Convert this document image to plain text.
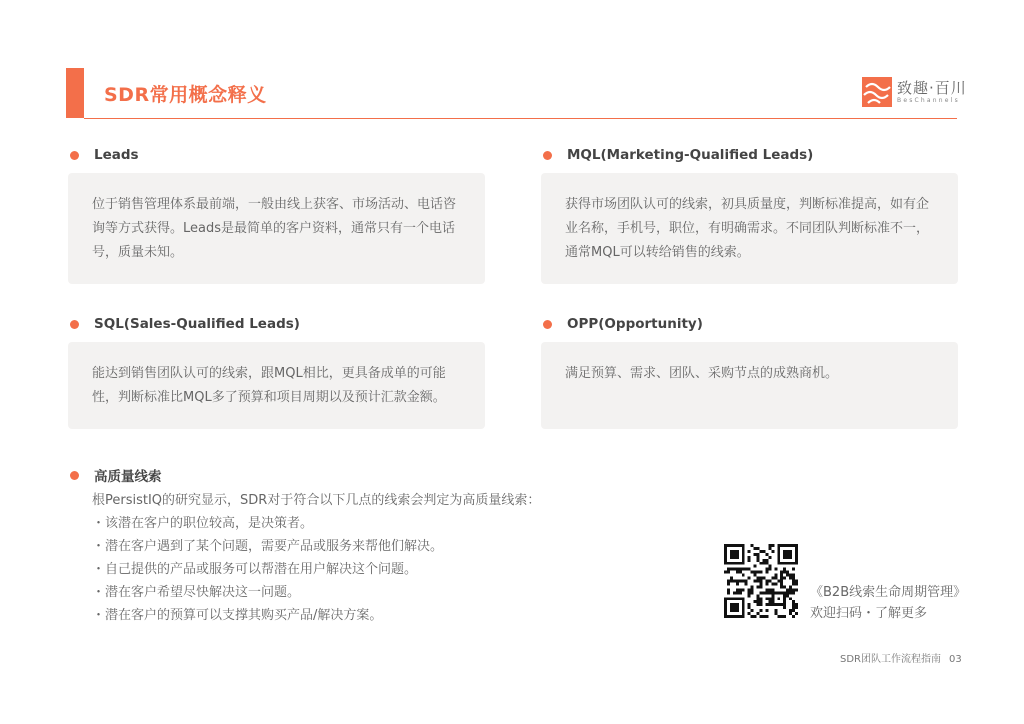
SDR常用概念释义	致趣·百川
BesChannels
Leads

位于销售管理体系最前端，一般由线上获客、市场活动、电话咨询等方式获得。Leads是最简单的客户资料，通常只有一个电话号，质量未知。

MQL(Marketing-Qualified Leads)

获得市场团队认可的线索，初具质量度，判断标准提高，如有企业名称，手机号，职位，有明确需求。不同团队判断标准不一，通常MQL可以转给销售的线索。

SQL(Sales-Qualified Leads)

能达到销售团队认可的线索，跟MQL相比，更具备成单的可能性，判断标准比MQL多了预算和项目周期以及预计汇款金额。

OPP(Opportunity)

满足预算、需求、团队、采购节点的成熟商机。

高质量线索
根PersistIQ的研究显示，SDR对于符合以下几点的线索会判定为高质量线索：
・该潜在客户的职位较高，是决策者。
・潜在客户遇到了某个问题，需要产品或服务来帮他们解决。
・自己提供的产品或服务可以帮潜在用户解决这个问题。
・潜在客户希望尽快解决这一问题。
・潜在客户的预算可以支撑其购买产品/解决方案。
《B2B线索生命周期管理》
欢迎扫码・了解更多
SDR团队工作流程指南 03
